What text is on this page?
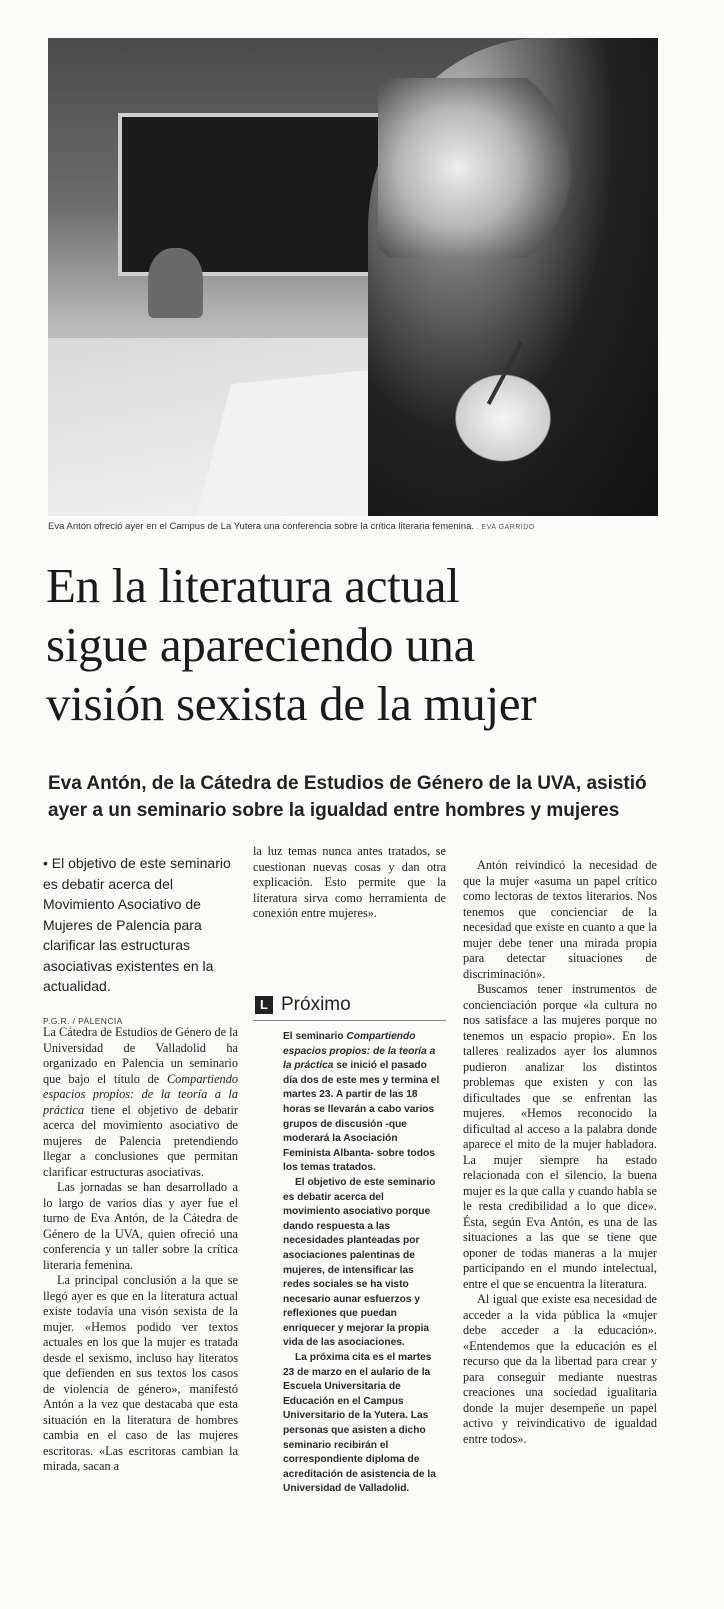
Eva Antón ofreció ayer en el Campus de La Yutera una conferencia sobre la crítica literaria femenina. . EVA GARRIDO
En la literatura actual
sigue apareciendo una
visión sexista de la mujer
Eva Antón, de la Cátedra de Estudios de Género de la UVA, asistió
ayer a un seminario sobre la igualdad entre hombres y mujeres
• El objetivo de este seminario es debatir acerca del Movimiento Asociativo de Mujeres de Palencia para clarificar las estructuras asociativas existentes en la actualidad.
P.G.R. / PALENCIA

La Cátedra de Estudios de Género de la Universidad de Valladolid ha organizado en Palencia un seminario que bajo el título de Compartiendo espacios propios: de la teoría a la práctica tiene el objetivo de debatir acerca del movimiento asociativo de mujeres de Palencia pretendiendo llegar a conclusiones que permitan clarificar estructuras asociativas.

Las jornadas se han desarrollado a lo largo de varios días y ayer fue el turno de Eva Antón, de la Cátedra de Género de la UVA, quien ofreció una conferencia y un taller sobre la crítica literaria femenina.

La principal conclusión a la que se llegó ayer es que en la literatura actual existe todavía una visón sexista de la mujer. «Hemos podido ver textos actuales en los que la mujer es tratada desde el sexismo, incluso hay literatos que defienden en sus textos los casos de violencia de género», manifestó Antón a la vez que destacaba que esta situación en la literatura de hombres cambia en el caso de las mujeres escritoras. «Las escritoras cambian la mirada, sacan a

la luz temas nunca antes tratados, se cuestionan nuevas cosas y dan otra explicación. Esto permite que la literatura sirva como herramienta de conexión entre mujeres».

L Próximo

El seminario Compartiendo espacios propios: de la teoría a la práctica se inició el pasado día dos de este mes y termina el martes 23. A partir de las 18 horas se llevarán a cabo varios grupos de discusión -que moderará la Asociación Feminista Albanta- sobre todos los temas tratados.

El objetivo de este seminario es debatir acerca del movimiento asociativo porque dando respuesta a las necesidades planteadas por asociaciones palentinas de mujeres, de intensificar las redes sociales se ha visto necesario aunar esfuerzos y reflexiones que puedan enriquecer y mejorar la propia vida de las asociaciones.

La próxima cita es el martes 23 de marzo en el aulario de la Escuela Universitaria de Educación en el Campus Universitario de la Yutera. Las personas que asisten a dicho seminario recibirán el correspondiente diploma de acreditación de asistencia de la Universidad de Valladolid.

Antón reivindicó la necesidad de que la mujer «asuma un papel crítico como lectoras de textos literarios. Nos tenemos que concienciar de la necesidad que existe en cuanto a que la mujer debe tener una mirada propia para detectar situaciones de discriminación».

Buscamos tener instrumentos de concienciación porque «la cultura no nos satisface a las mujeres porque no tenemos un espacio propio». En los talleres realizados ayer los alumnos pudieron analizar los distintos problemas que existen y con las dificultades que se enfrentan las mujeres. «Hemos reconocido la dificultad al acceso a la palabra donde aparece el mito de la mujer habladora. La mujer siempre ha estado relacionada con el silencio, la buena mujer es la que calla y cuando habla se le resta credibilidad a lo que dice». Ésta, según Eva Antón, es una de las situaciones a las que se tiene que oponer de todas maneras a la mujer participando en el mundo intelectual, entre el que se encuentra la literatura.

Al igual que existe esa necesidad de acceder a la vida pública la «mujer debe acceder a la educación». «Entendemos que la educación es el recurso que da la libertad para crear y para conseguir mediante nuestras creaciones una sociedad igualitaria donde la mujer desempeñe un papel activo y reivindicativo de igualdad entre todos».
